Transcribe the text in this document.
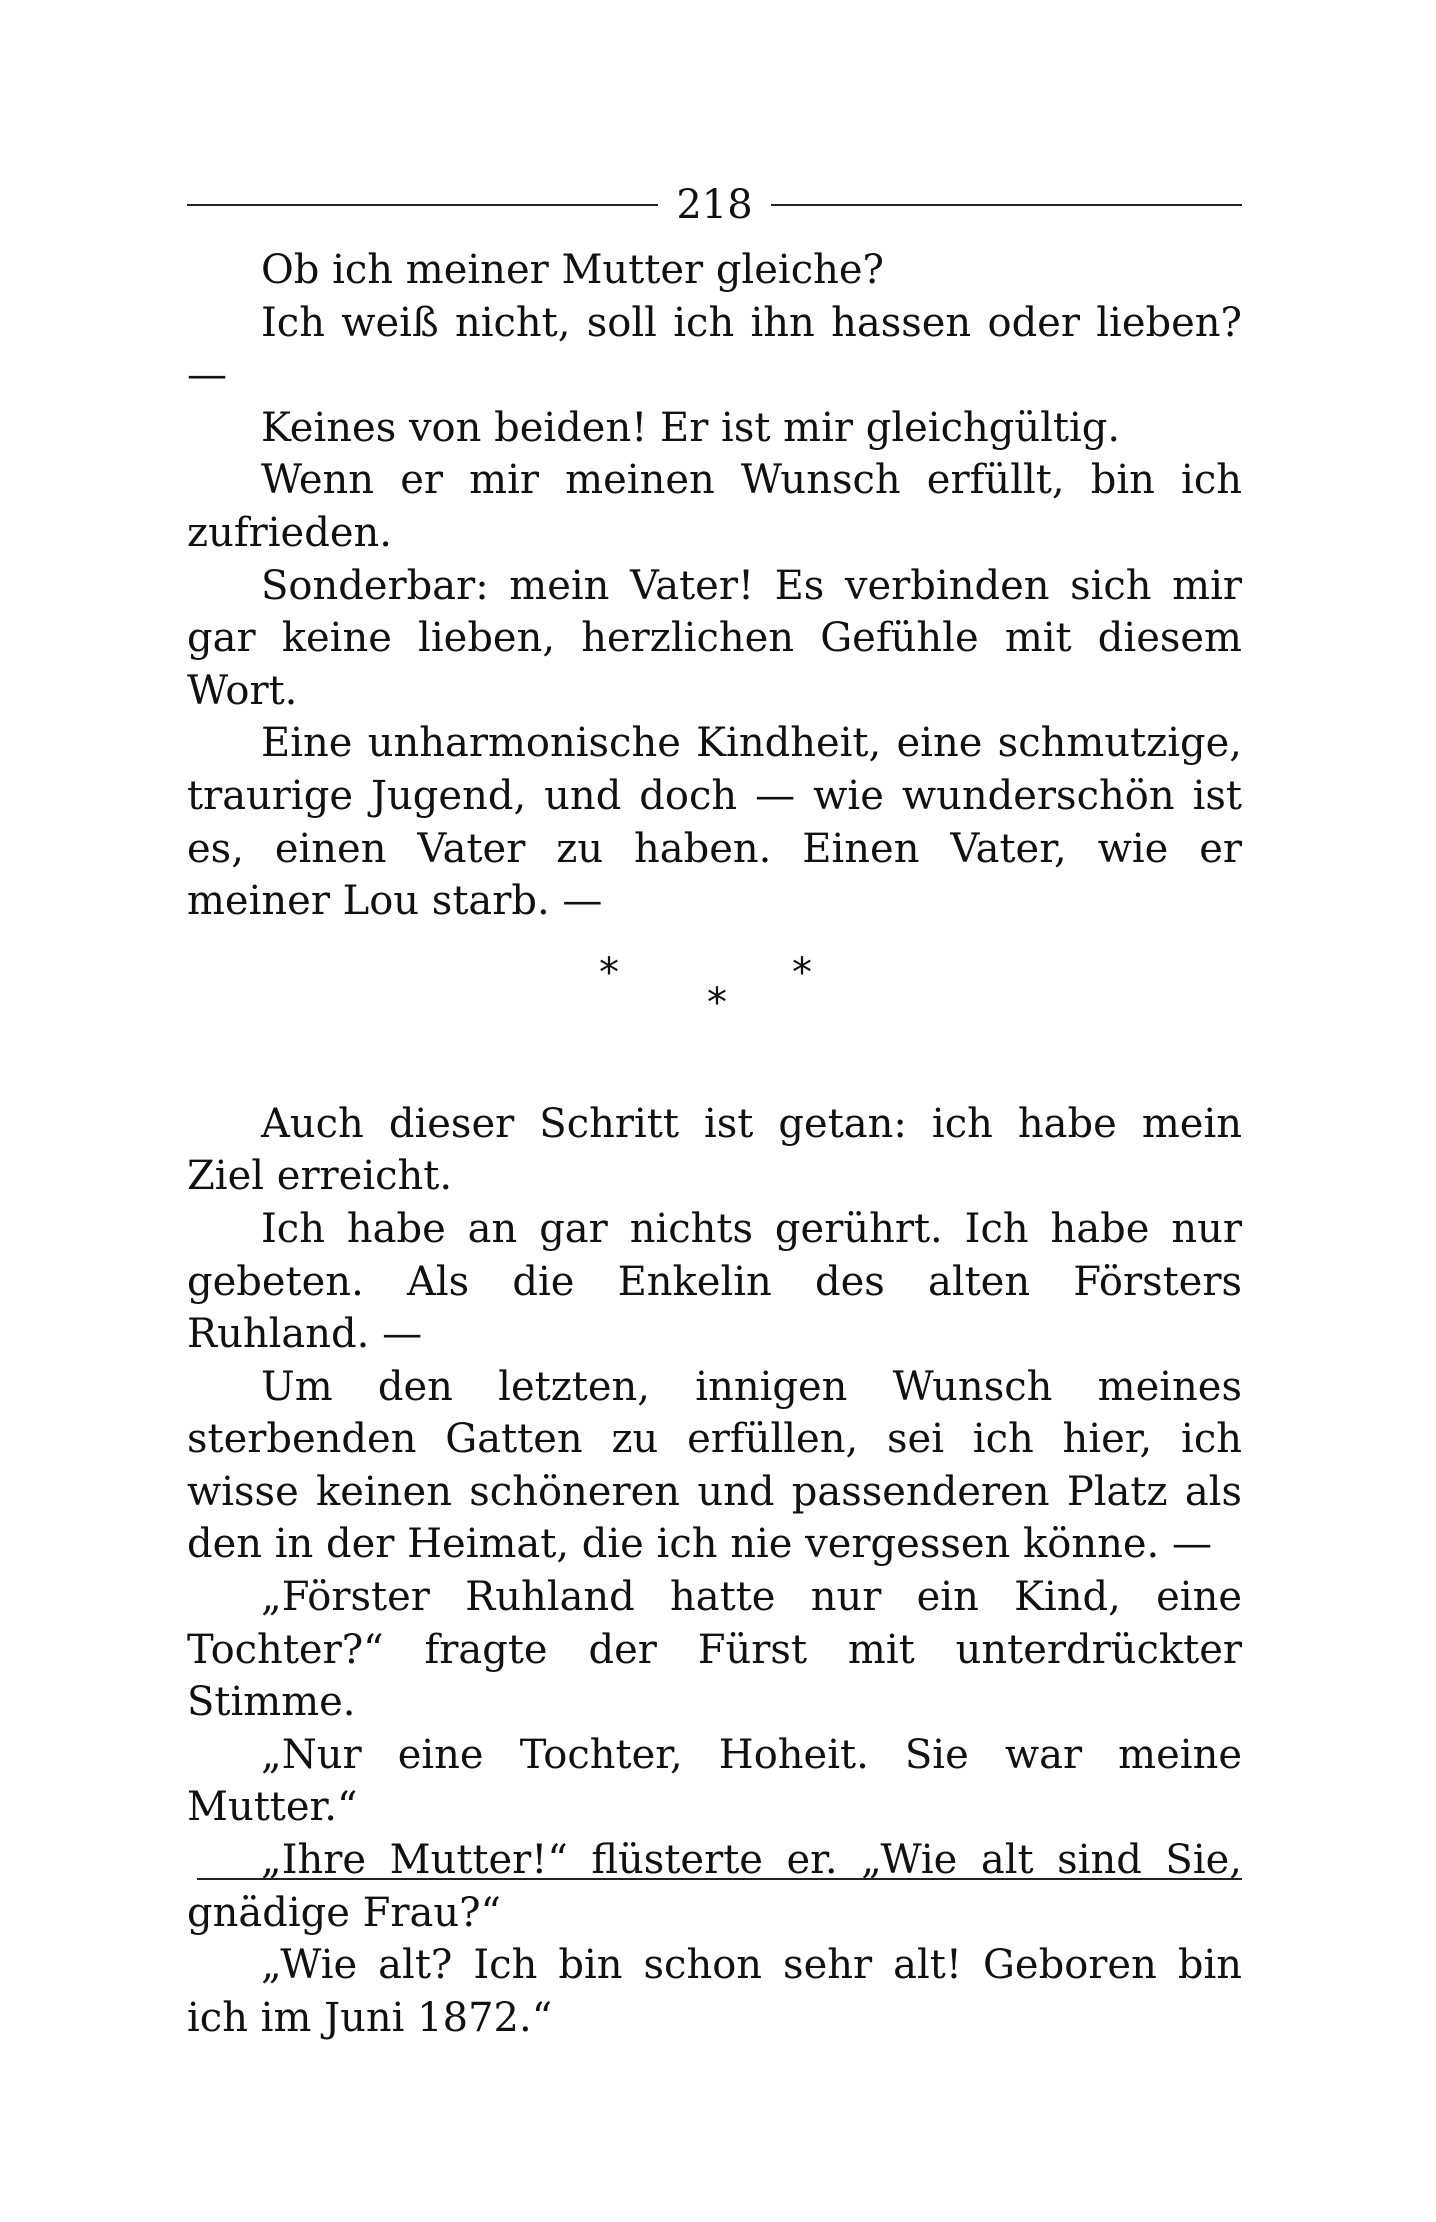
218

Ob ich meiner Mutter gleiche?

Ich weiß nicht, soll ich ihn hassen oder lieben? —

Keines von beiden! Er ist mir gleichgültig.

Wenn er mir meinen Wunsch erfüllt, bin ich zufrieden.

Sonderbar: mein Vater! Es verbinden sich mir gar keine lieben, herzlichen Gefühle mit diesem Wort.

Eine unharmonische Kindheit, eine schmutzige, traurige Jugend, und doch — wie wunderschön ist es, einen Vater zu haben. Einen Vater, wie er meiner Lou starb. —

*	*
*

Auch dieser Schritt ist getan: ich habe mein Ziel erreicht.

Ich habe an gar nichts gerührt. Ich habe nur gebeten. Als die Enkelin des alten Försters Ruhland. —

Um den letzten, innigen Wunsch meines sterbenden Gatten zu erfüllen, sei ich hier, ich wisse keinen schöneren und passenderen Platz als den in der Heimat, die ich nie vergessen könne. —

„Förster Ruhland hatte nur ein Kind, eine Tochter?“ fragte der Fürst mit unterdrückter Stimme.

„Nur eine Tochter, Hoheit. Sie war meine Mutter.“

„Ihre Mutter!“ flüsterte er. „Wie alt sind Sie, gnädige Frau?“

„Wie alt? Ich bin schon sehr alt! Geboren bin ich im Juni 1872.“
